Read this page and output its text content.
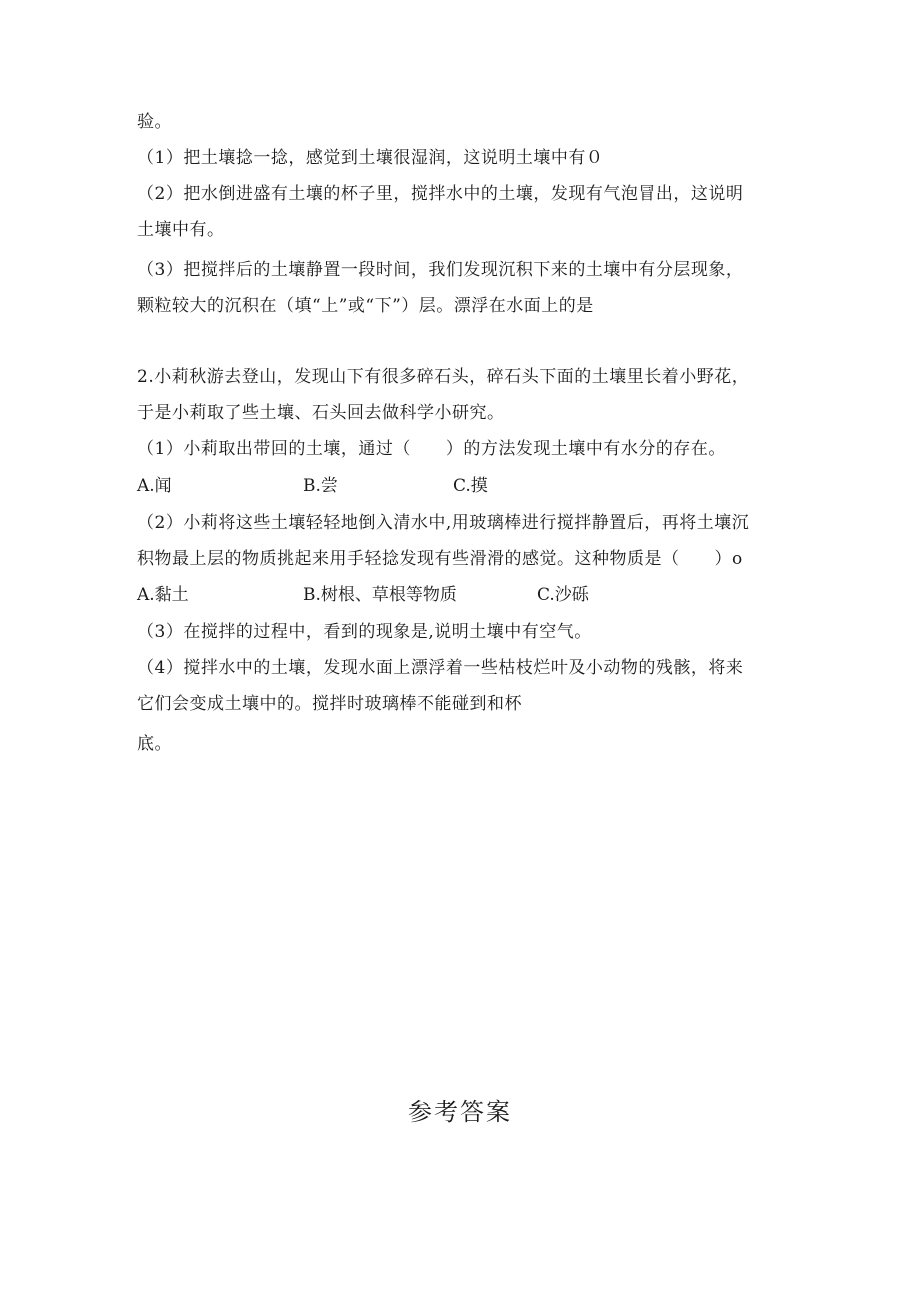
验。
（1）把土壤捻一捻，感觉到土壤很湿润，这说明土壤中有０
（2）把水倒进盛有土壤的杯子里，搅拌水中的土壤，发现有气泡冒出，这说明
土壤中有。
（3）把搅拌后的土壤静置一段时间，我们发现沉积下来的土壤中有分层现象，
颗粒较大的沉积在（填“上”或“下”）层。漂浮在水面上的是
2.小莉秋游去登山，发现山下有很多碎石头，碎石头下面的土壤里长着小野花，
于是小莉取了些土壤、石头回去做科学小研究。
（1）小莉取出带回的土壤，通过（　　）的方法发现土壤中有水分的存在。
A.闻	B.尝	C.摸
（2）小莉将这些土壤轻轻地倒入清水中,用玻璃棒进行搅拌静置后，再将土壤沉
积物最上层的物质挑起来用手轻捻发现有些滑滑的感觉。这种物质是（　　）o
A.黏土	B.树根、草根等物质	C.沙砾
（3）在搅拌的过程中，看到的现象是,说明土壤中有空气。
（4）搅拌水中的土壤，发现水面上漂浮着一些枯枝烂叶及小动物的残骸，将来
它们会变成土壤中的。搅拌时玻璃棒不能碰到和杯
底。
参考答案
